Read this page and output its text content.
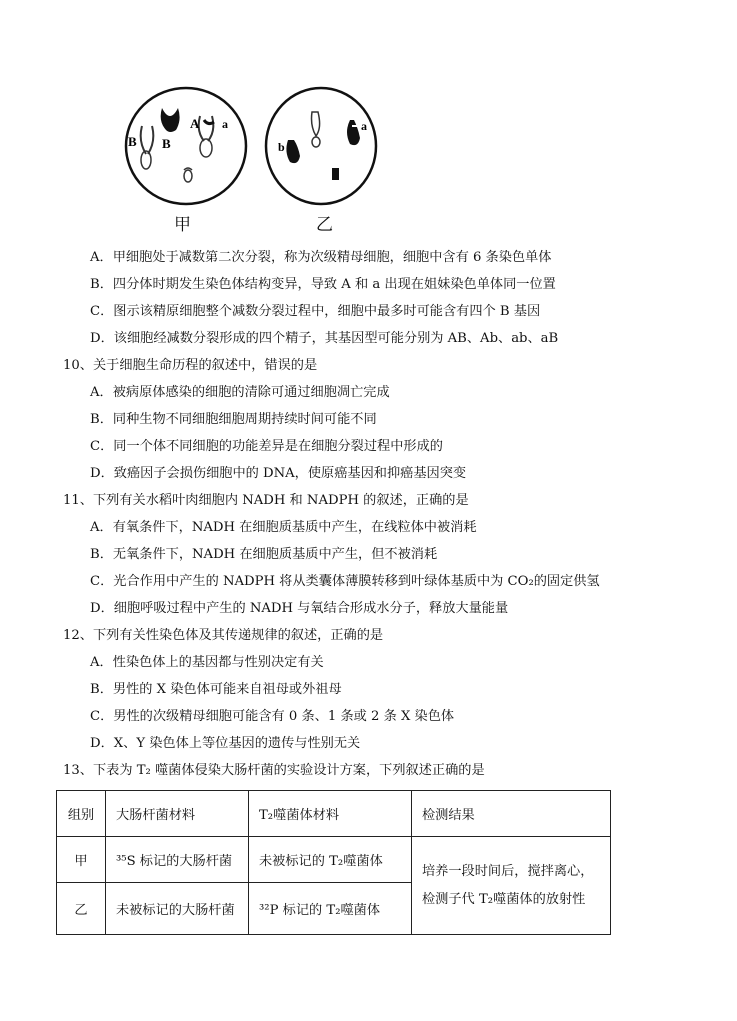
B B
A a
b
a
甲	乙
A．甲细胞处于减数第二次分裂，称为次级精母细胞，细胞中含有 6 条染色单体
B．四分体时期发生染色体结构变异，导致 A 和 a 出现在姐妹染色单体同一位置
C．图示该精原细胞整个减数分裂过程中，细胞中最多时可能含有四个 B 基因
D．该细胞经减数分裂形成的四个精子，其基因型可能分别为 AB、Ab、ab、aB
10、关于细胞生命历程的叙述中，错误的是
A．被病原体感染的细胞的清除可通过细胞凋亡完成
B．同种生物不同细胞细胞周期持续时间可能不同
C．同一个体不同细胞的功能差异是在细胞分裂过程中形成的
D．致癌因子会损伤细胞中的 DNA，使原癌基因和抑癌基因突变
11、下列有关水稻叶肉细胞内 NADH 和 NADPH 的叙述，正确的是
A．有氧条件下，NADH 在细胞质基质中产生，在线粒体中被消耗
B．无氧条件下，NADH 在细胞质基质中产生，但不被消耗
C．光合作用中产生的 NADPH 将从类囊体薄膜转移到叶绿体基质中为 CO₂的固定供氢
D．细胞呼吸过程中产生的 NADH 与氧结合形成水分子，释放大量能量
12、下列有关性染色体及其传递规律的叙述，正确的是
A．性染色体上的基因都与性别决定有关
B．男性的 X 染色体可能来自祖母或外祖母
C．男性的次级精母细胞可能含有 0 条、1 条或 2 条 X 染色体
D．X、Y 染色体上等位基因的遗传与性别无关
13、下表为 T₂ 噬菌体侵染大肠杆菌的实验设计方案，下列叙述正确的是
组别	大肠杆菌材料	T₂噬菌体材料	检测结果
甲	³⁵S 标记的大肠杆菌	未被标记的 T₂噬菌体	培养一段时间后，搅拌离心，
检测子代 T₂噬菌体的放射性

乙	未被标记的大肠杆菌	³²P 标记的 T₂噬菌体	
